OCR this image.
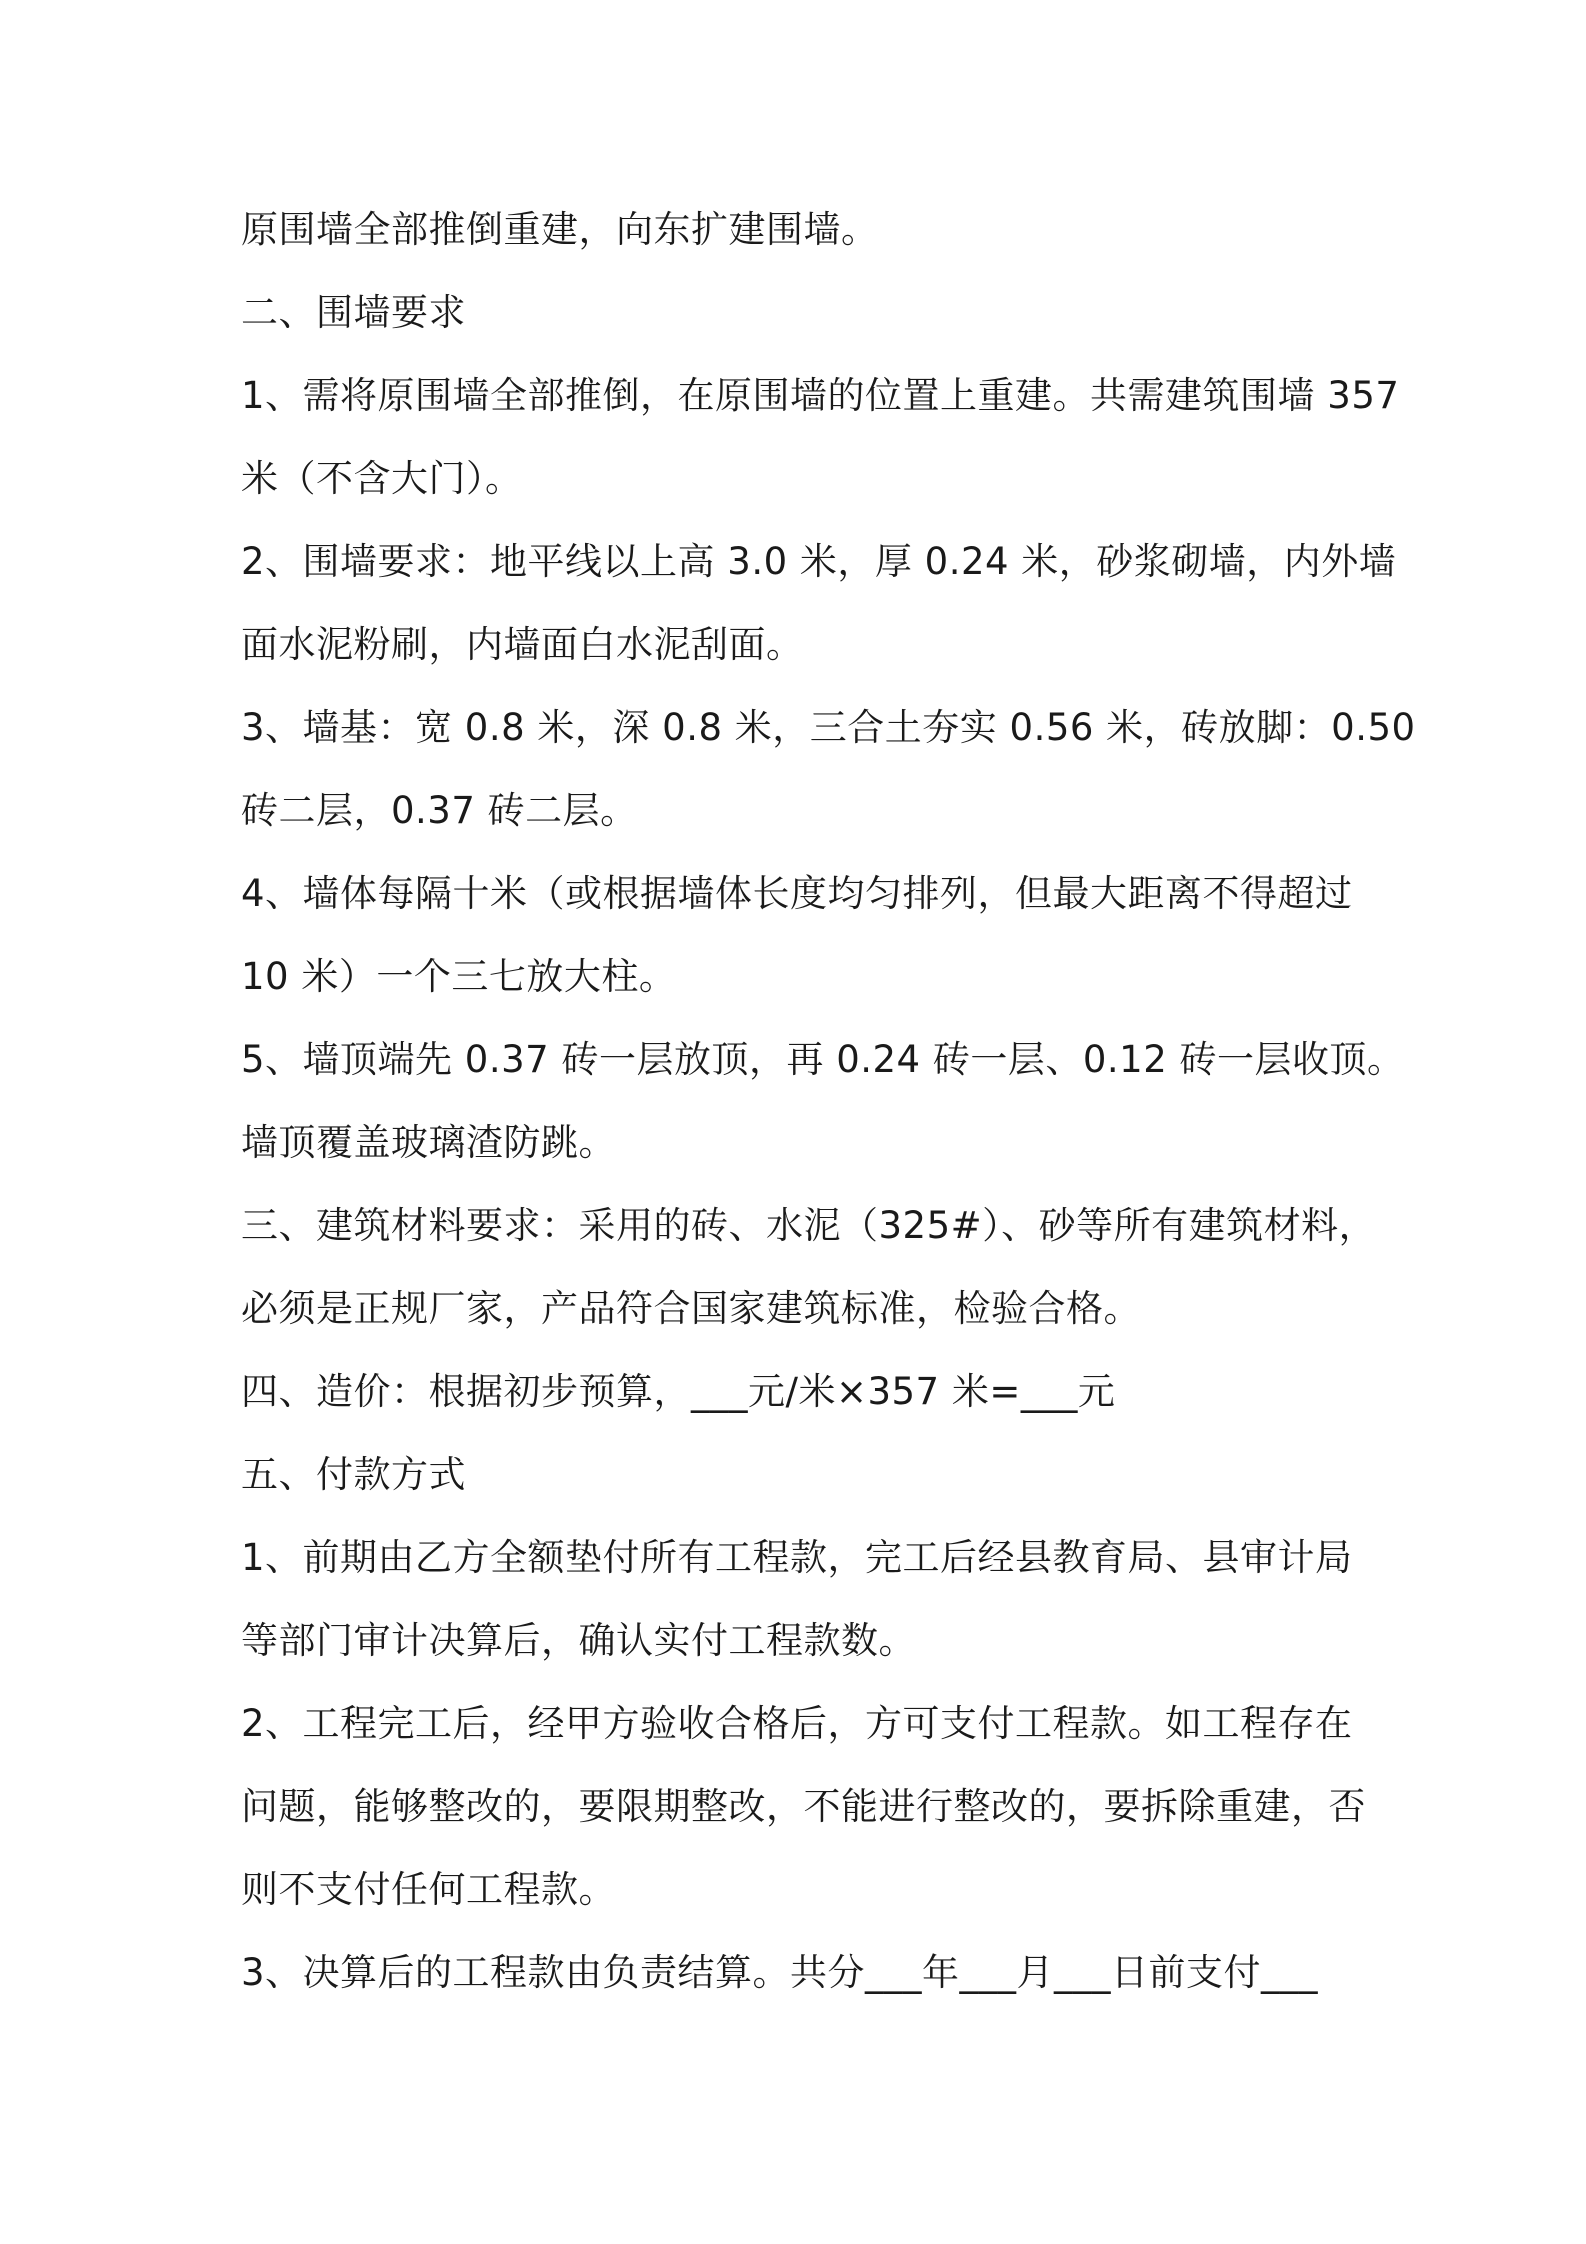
原围墙全部推倒重建，向东扩建围墙。
二、围墙要求
1、需将原围墙全部推倒，在原围墙的位置上重建。共需建筑围墙 357
米（不含大门）。
2、围墙要求：地平线以上高 3.0 米，厚 0.24 米，砂浆砌墙，内外墙
面水泥粉刷，内墙面白水泥刮面。
3、墙基：宽 0.8 米，深 0.8 米，三合土夯实 0.56 米，砖放脚：0.50
砖二层，0.37 砖二层。
4、墙体每隔十米（或根据墙体长度均匀排列，但最大距离不得超过
10 米）一个三七放大柱。
5、墙顶端先 0.37 砖一层放顶，再 0.24 砖一层、0.12 砖一层收顶。
墙顶覆盖玻璃渣防跳。
三、建筑材料要求：采用的砖、水泥（325#）、砂等所有建筑材料，
必须是正规厂家，产品符合国家建筑标准，检验合格。
四、造价：根据初步预算，___元/米×357 米=___元
五、付款方式
1、前期由乙方全额垫付所有工程款，完工后经县教育局、县审计局
等部门审计决算后，确认实付工程款数。
2、工程完工后，经甲方验收合格后，方可支付工程款。如工程存在
问题，能够整改的，要限期整改，不能进行整改的，要拆除重建，否
则不支付任何工程款。
3、决算后的工程款由负责结算。共分___年___月___日前支付___
